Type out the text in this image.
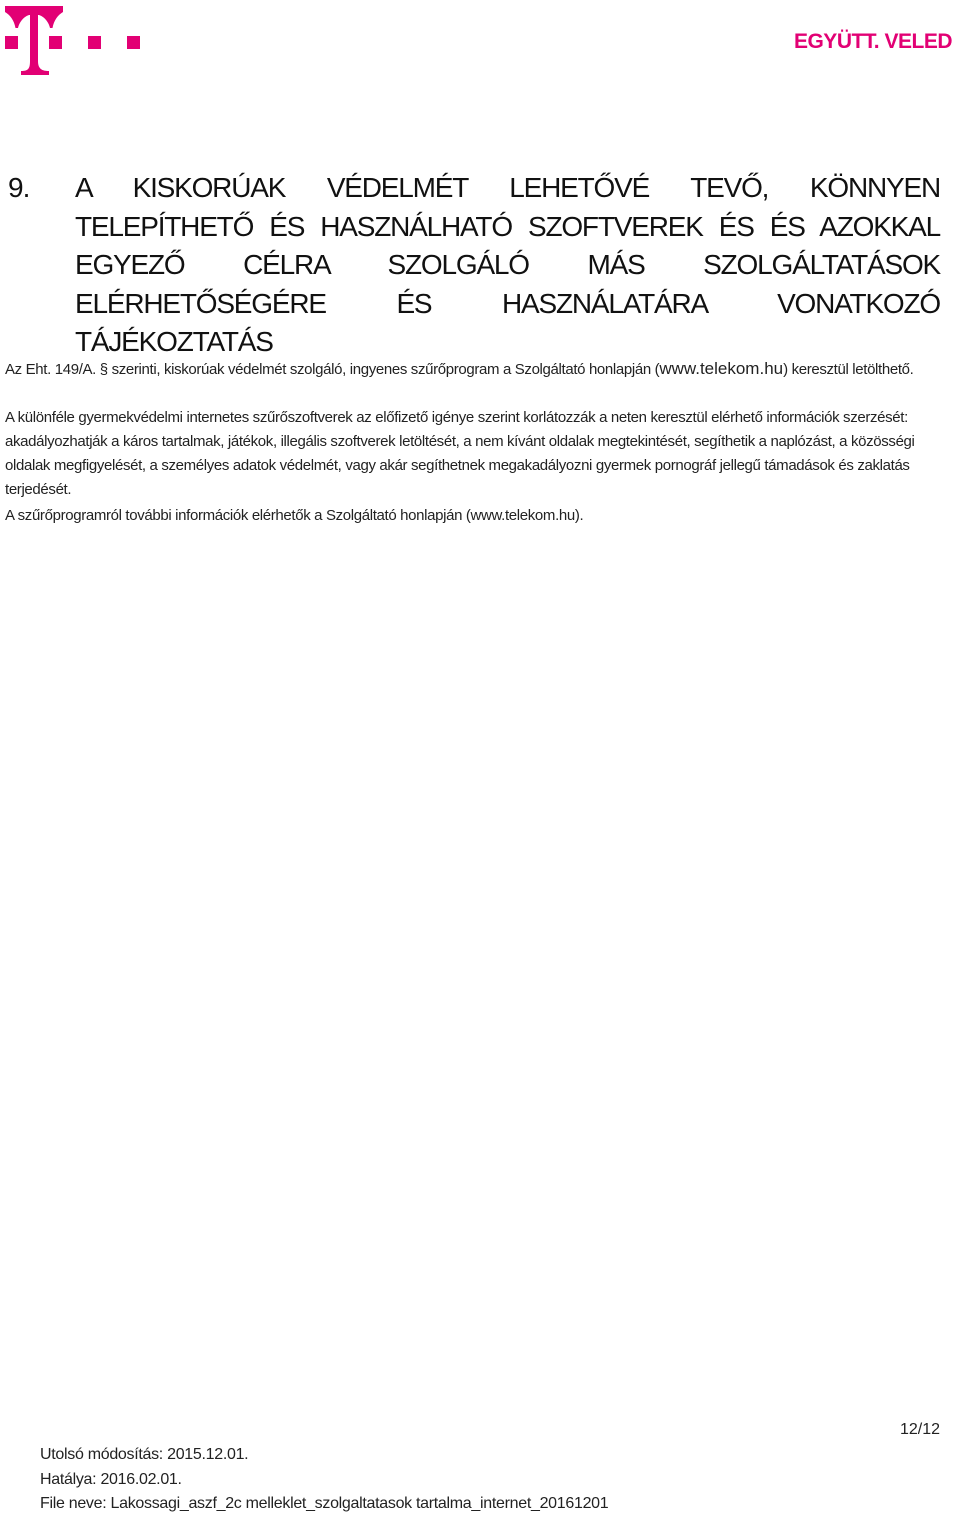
EGYÜTT. VELED
9. A KISKORÚAK VÉDELMÉT LEHETŐVÉ TEVŐ, KÖNNYEN TELEPÍTHETŐ ÉS HASZNÁLHATÓ SZOFTVEREK ÉS ÉS AZOKKAL EGYEZŐ CÉLRA SZOLGÁLÓ MÁS SZOLGÁLTATÁSOK ELÉRHETŐSÉGÉRE ÉS HASZNÁLATÁRA VONATKOZÓ TÁJÉKOZTATÁS
Az Eht. 149/A. § szerinti, kiskorúak védelmét szolgáló, ingyenes szűrőprogram a Szolgáltató honlapján (www.telekom.hu) keresztül letölthető.
A különféle gyermekvédelmi internetes szűrőszoftverek az előfizető igénye szerint korlátozzák a neten keresztül elérhető információk szerzését: akadályozhatják a káros tartalmak, játékok, illegális szoftverek letöltését, a nem kívánt oldalak megtekintését, segíthetik a naplózást, a közösségi oldalak megfigyelését, a személyes adatok védelmét, vagy akár segíthetnek megakadályozni gyermek pornográf jellegű támadások és zaklatás terjedését.
A szűrőprogramról további információk elérhetők a Szolgáltató honlapján (www.telekom.hu).
12/12
Utolsó módosítás: 2015.12.01.
Hatálya: 2016.02.01.
File neve: Lakossagi_aszf_2c melleklet_szolgaltatasok tartalma_internet_20161201
